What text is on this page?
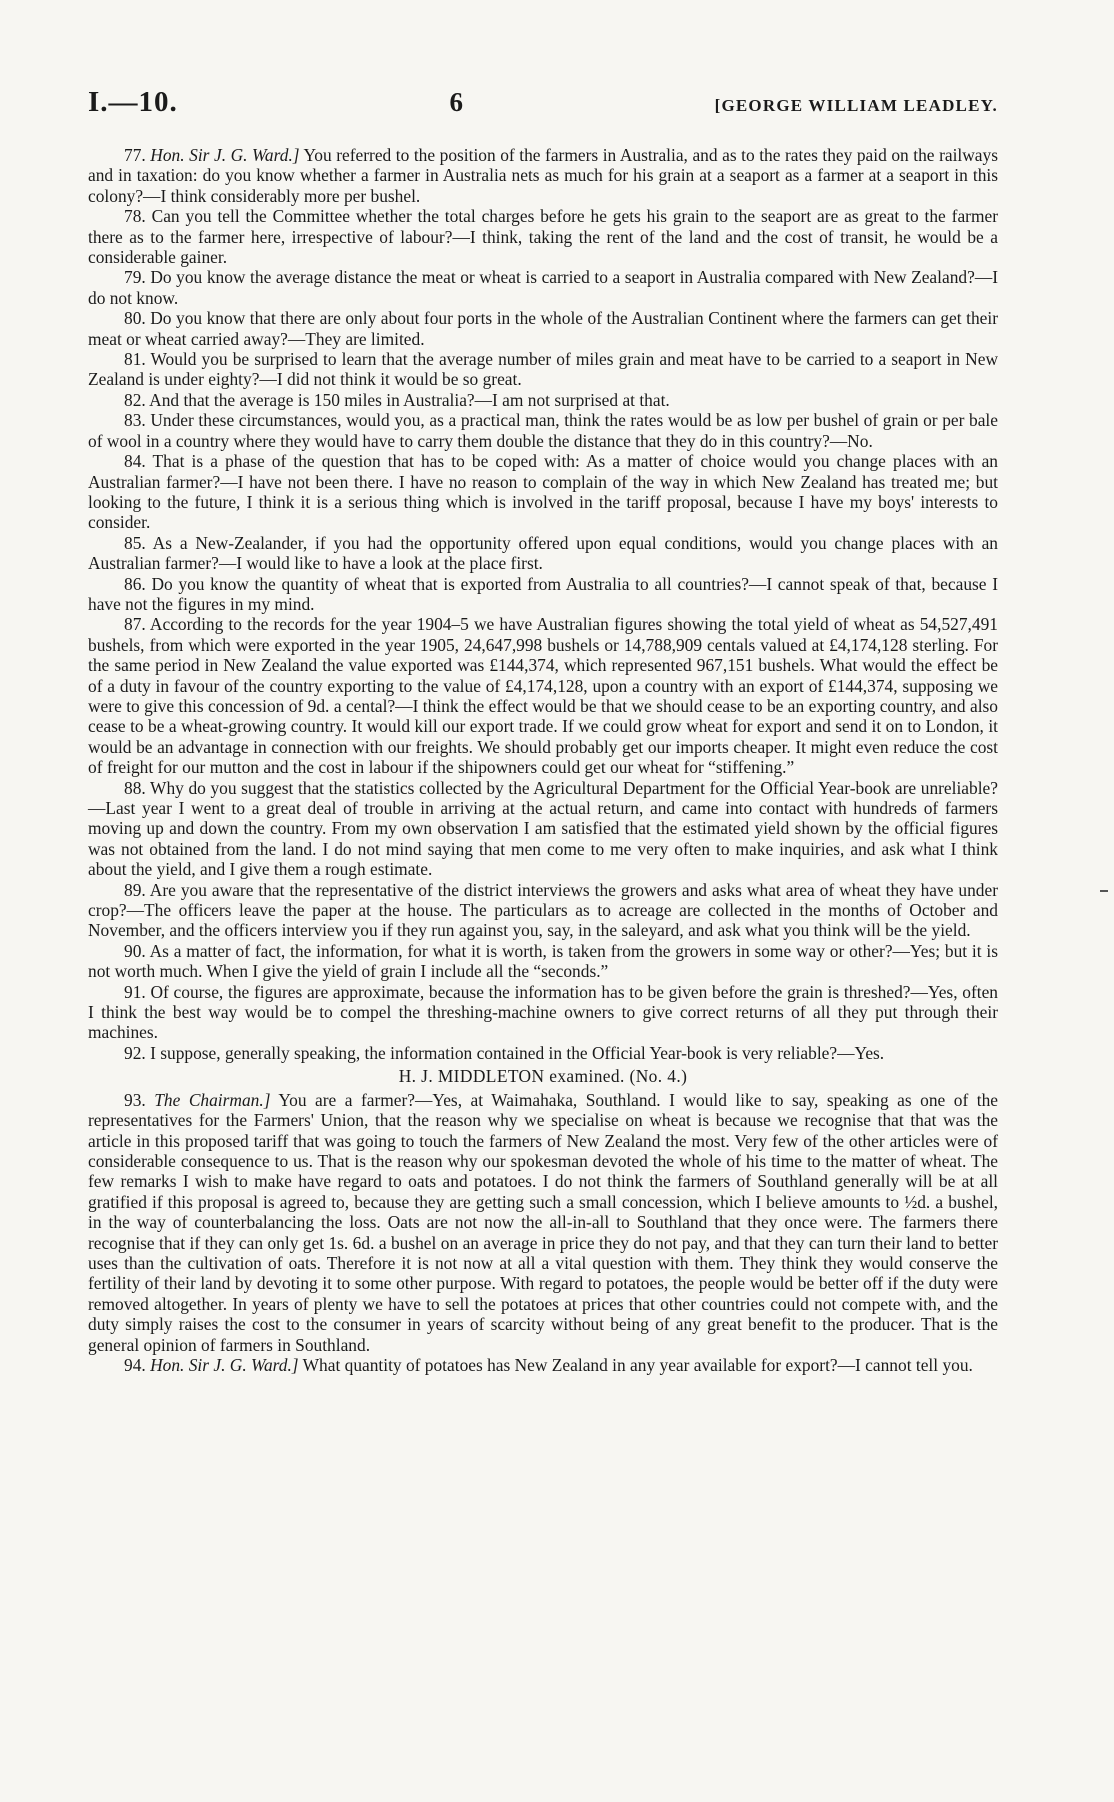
I.—10.	6	[GEORGE WILLIAM LEADLEY.

77. Hon. Sir J. G. Ward.] You referred to the position of the farmers in Australia, and as to the rates they paid on the railways and in taxation: do you know whether a farmer in Australia nets as much for his grain at a seaport as a farmer at a seaport in this colony?—I think considerably more per bushel.

78. Can you tell the Committee whether the total charges before he gets his grain to the seaport are as great to the farmer there as to the farmer here, irrespective of labour?—I think, taking the rent of the land and the cost of transit, he would be a considerable gainer.

79. Do you know the average distance the meat or wheat is carried to a seaport in Australia compared with New Zealand?—I do not know.

80. Do you know that there are only about four ports in the whole of the Australian Continent where the farmers can get their meat or wheat carried away?—They are limited.

81. Would you be surprised to learn that the average number of miles grain and meat have to be carried to a seaport in New Zealand is under eighty?—I did not think it would be so great.

82. And that the average is 150 miles in Australia?—I am not surprised at that.

83. Under these circumstances, would you, as a practical man, think the rates would be as low per bushel of grain or per bale of wool in a country where they would have to carry them double the distance that they do in this country?—No.

84. That is a phase of the question that has to be coped with: As a matter of choice would you change places with an Australian farmer?—I have not been there. I have no reason to complain of the way in which New Zealand has treated me; but looking to the future, I think it is a serious thing which is involved in the tariff proposal, because I have my boys' interests to consider.

85. As a New-Zealander, if you had the opportunity offered upon equal conditions, would you change places with an Australian farmer?—I would like to have a look at the place first.

86. Do you know the quantity of wheat that is exported from Australia to all countries?—I cannot speak of that, because I have not the figures in my mind.

87. According to the records for the year 1904–5 we have Australian figures showing the total yield of wheat as 54,527,491 bushels, from which were exported in the year 1905, 24,647,998 bushels or 14,788,909 centals valued at £4,174,128 sterling. For the same period in New Zealand the value exported was £144,374, which represented 967,151 bushels. What would the effect be of a duty in favour of the country exporting to the value of £4,174,128, upon a country with an export of £144,374, supposing we were to give this concession of 9d. a cental?—I think the effect would be that we should cease to be an exporting country, and also cease to be a wheat-growing country. It would kill our export trade. If we could grow wheat for export and send it on to London, it would be an advantage in connection with our freights. We should probably get our imports cheaper. It might even reduce the cost of freight for our mutton and the cost in labour if the shipowners could get our wheat for “stiffening.”

88. Why do you suggest that the statistics collected by the Agricultural Department for the Official Year-book are unreliable?—Last year I went to a great deal of trouble in arriving at the actual return, and came into contact with hundreds of farmers moving up and down the country. From my own observation I am satisfied that the estimated yield shown by the official figures was not obtained from the land. I do not mind saying that men come to me very often to make inquiries, and ask what I think about the yield, and I give them a rough estimate.

89. Are you aware that the representative of the district interviews the growers and asks what area of wheat they have under crop?—The officers leave the paper at the house. The particulars as to acreage are collected in the months of October and November, and the officers interview you if they run against you, say, in the saleyard, and ask what you think will be the yield.

90. As a matter of fact, the information, for what it is worth, is taken from the growers in some way or other?—Yes; but it is not worth much. When I give the yield of grain I include all the “seconds.”

91. Of course, the figures are approximate, because the information has to be given before the grain is threshed?—Yes, often I think the best way would be to compel the threshing-machine owners to give correct returns of all they put through their machines.

92. I suppose, generally speaking, the information contained in the Official Year-book is very reliable?—Yes.

H. J. MIDDLETON examined. (No. 4.)

93. The Chairman.] You are a farmer?—Yes, at Waimahaka, Southland. I would like to say, speaking as one of the representatives for the Farmers' Union, that the reason why we specialise on wheat is because we recognise that that was the article in this proposed tariff that was going to touch the farmers of New Zealand the most. Very few of the other articles were of considerable consequence to us. That is the reason why our spokesman devoted the whole of his time to the matter of wheat. The few remarks I wish to make have regard to oats and potatoes. I do not think the farmers of Southland generally will be at all gratified if this proposal is agreed to, because they are getting such a small concession, which I believe amounts to ½d. a bushel, in the way of counterbalancing the loss. Oats are not now the all-in-all to Southland that they once were. The farmers there recognise that if they can only get 1s. 6d. a bushel on an average in price they do not pay, and that they can turn their land to better uses than the cultivation of oats. Therefore it is not now at all a vital question with them. They think they would conserve the fertility of their land by devoting it to some other purpose. With regard to potatoes, the people would be better off if the duty were removed altogether. In years of plenty we have to sell the potatoes at prices that other countries could not compete with, and the duty simply raises the cost to the consumer in years of scarcity without being of any great benefit to the producer. That is the general opinion of farmers in Southland.

94. Hon. Sir J. G. Ward.] What quantity of potatoes has New Zealand in any year available for export?—I cannot tell you.
